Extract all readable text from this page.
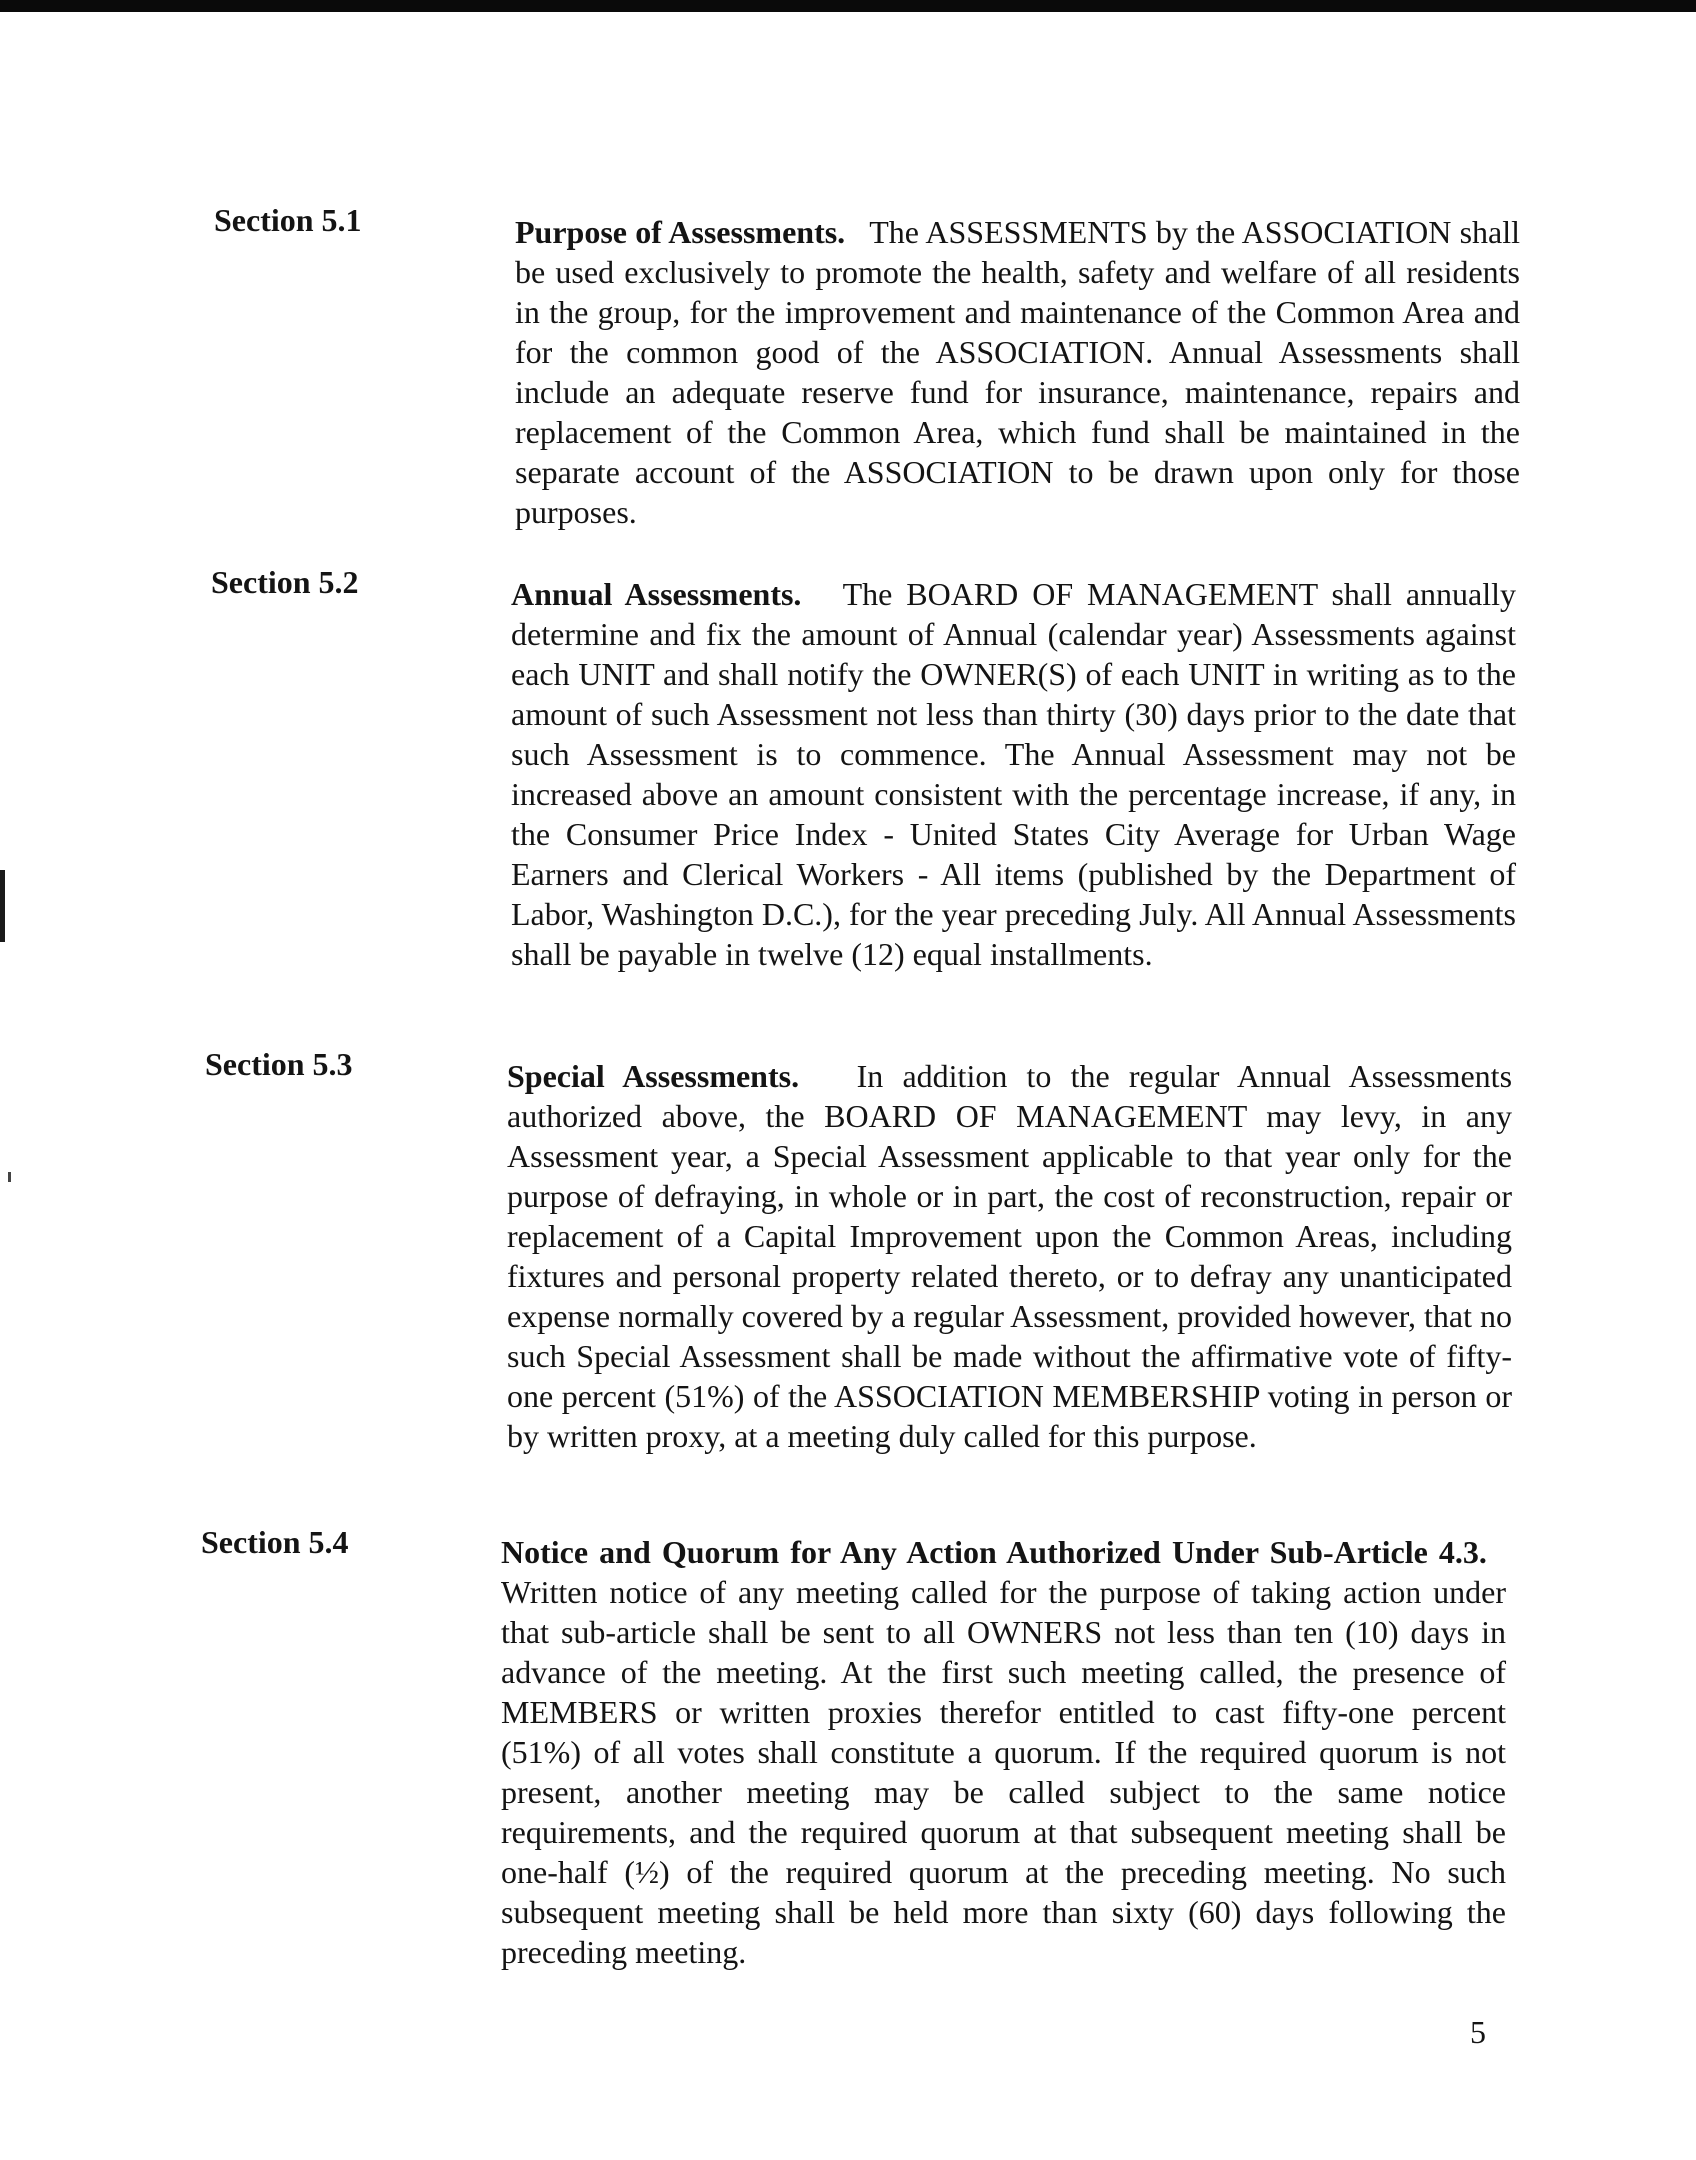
Section 5.1	Purpose of Assessments.   The ASSESSMENTS by the ASSOCIATION shall be used exclusively to promote the health, safety and welfare of all residents in the group, for the improvement and maintenance of the Common Area and for the common good of the ASSOCIATION. Annual Assessments shall include an adequate reserve fund for insurance, maintenance, repairs and replacement of the Common Area, which fund shall be maintained in the separate account of the ASSOCIATION to be drawn upon only for those purposes.
Section 5.2	Annual Assessments.   The BOARD OF MANAGEMENT shall annually determine and fix the amount of Annual (calendar year) Assessments against each UNIT and shall notify the OWNER(S) of each UNIT in writing as to the amount of such Assessment not less than thirty (30) days prior to the date that such Assessment is to commence. The Annual Assessment may not be increased above an amount consistent with the percentage increase, if any, in the Consumer Price Index - United States City Average for Urban Wage Earners and Clerical Workers - All items (published by the Department of Labor, Washington D.C.), for the year preceding July. All Annual Assessments shall be payable in twelve (12) equal installments.
Section 5.3	Special Assessments.   In addition to the regular Annual Assessments authorized above, the BOARD OF MANAGEMENT may levy, in any Assessment year, a Special Assessment applicable to that year only for the purpose of defraying, in whole or in part, the cost of reconstruction, repair or replacement of a Capital Improvement upon the Common Areas, including fixtures and personal property related thereto, or to defray any unanticipated expense normally covered by a regular Assessment, provided however, that no such Special Assessment shall be made without the affirmative vote of fifty-one percent (51%) of the ASSOCIATION MEMBERSHIP voting in person or by written proxy, at a meeting duly called for this purpose.
Section 5.4	Notice and Quorum for Any Action Authorized Under Sub-Article 4.3.   Written notice of any meeting called for the purpose of taking action under that sub-article shall be sent to all OWNERS not less than ten (10) days in advance of the meeting. At the first such meeting called, the presence of MEMBERS or written proxies therefor entitled to cast fifty-one percent (51%) of all votes shall constitute a quorum. If the required quorum is not present, another meeting may be called subject to the same notice requirements, and the required quorum at that subsequent meeting shall be one-half (½) of the required quorum at the preceding meeting. No such subsequent meeting shall be held more than sixty (60) days following the preceding meeting.
5
